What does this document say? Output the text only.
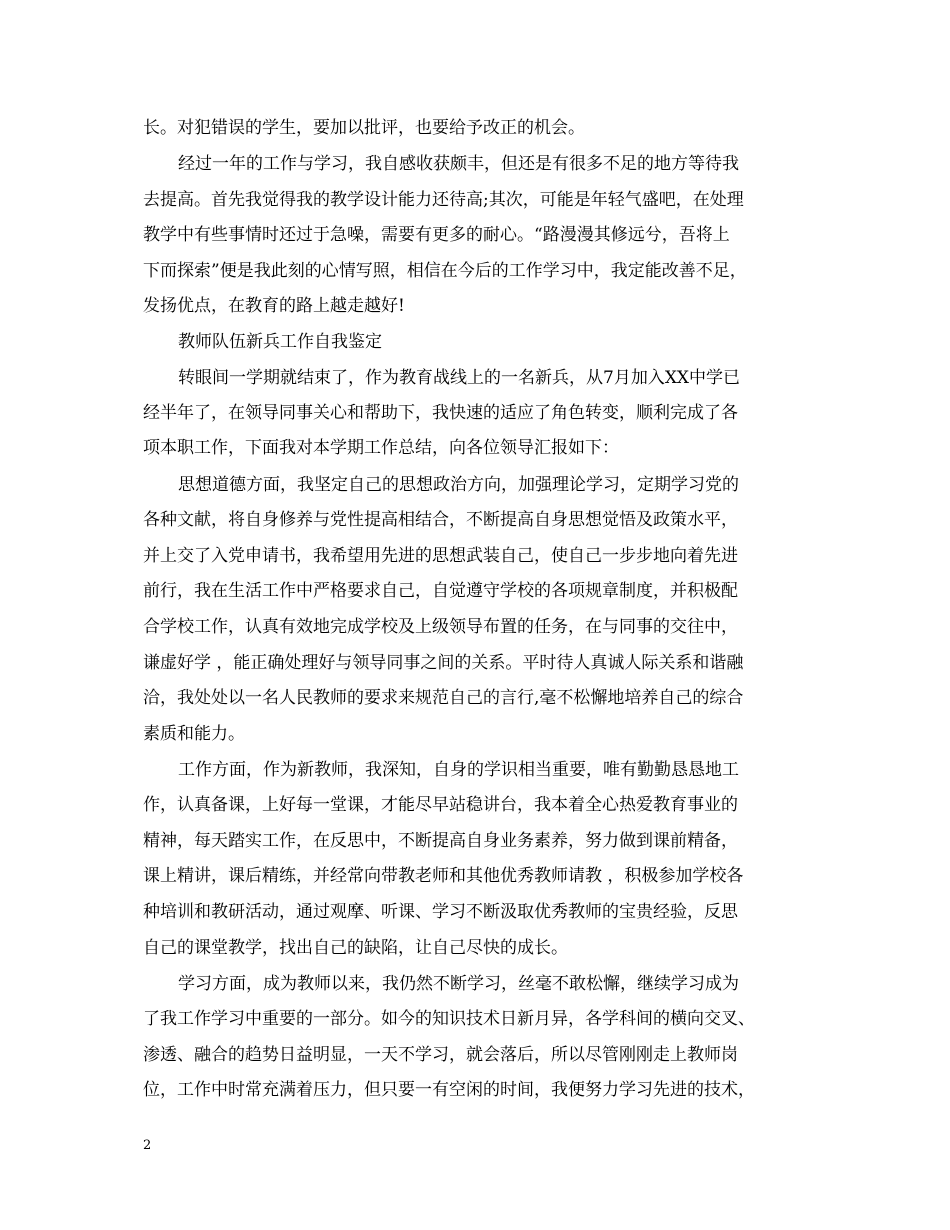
长。对犯错误的学生，要加以批评，也要给予改正的机会。
经过一年的工作与学习，我自感收获颇丰，但还是有很多不足的地方等待我
去提高。首先我觉得我的教学设计能力还待高;其次，可能是年轻气盛吧，在处理
教学中有些事情时还过于急噪，需要有更多的耐心。“路漫漫其修远兮，吾将上
下而探索”便是我此刻的心情写照，相信在今后的工作学习中，我定能改善不足，
发扬优点，在教育的路上越走越好!
教师队伍新兵工作自我鉴定
转眼间一学期就结束了，作为教育战线上的一名新兵，从7月加入XX中学已
经半年了，在领导同事关心和帮助下，我快速的适应了角色转变，顺利完成了各
项本职工作，下面我对本学期工作总结，向各位领导汇报如下：
思想道德方面，我坚定自己的思想政治方向，加强理论学习，定期学习党的
各种文献，将自身修养与党性提高相结合，不断提高自身思想觉悟及政策水平，
并上交了入党申请书，我希望用先进的思想武装自己，使自己一步步地向着先进
前行，我在生活工作中严格要求自己，自觉遵守学校的各项规章制度，并积极配
合学校工作，认真有效地完成学校及上级领导布置的任务，在与同事的交往中，
谦虚好学 ，能正确处理好与领导同事之间的关系。平时待人真诚人际关系和谐融
洽，我处处以一名人民教师的要求来规范自己的言行,毫不松懈地培养自己的综合
素质和能力。
工作方面，作为新教师，我深知，自身的学识相当重要，唯有勤勤恳恳地工
作，认真备课，上好每一堂课，才能尽早站稳讲台，我本着全心热爱教育事业的
精神，每天踏实工作，在反思中，不断提高自身业务素养，努力做到课前精备，
课上精讲，课后精练，并经常向带教老师和其他优秀教师请教 ，积极参加学校各
种培训和教研活动，通过观摩、听课、学习不断汲取优秀教师的宝贵经验，反思
自己的课堂教学，找出自己的缺陷，让自己尽快的成长。
学习方面，成为教师以来，我仍然不断学习，丝毫不敢松懈，继续学习成为
了我工作学习中重要的一部分。如今的知识技术日新月异，各学科间的横向交叉、
渗透、融合的趋势日益明显，一天不学习，就会落后，所以尽管刚刚走上教师岗
位，工作中时常充满着压力，但只要一有空闲的时间，我便努力学习先进的技术，
2
